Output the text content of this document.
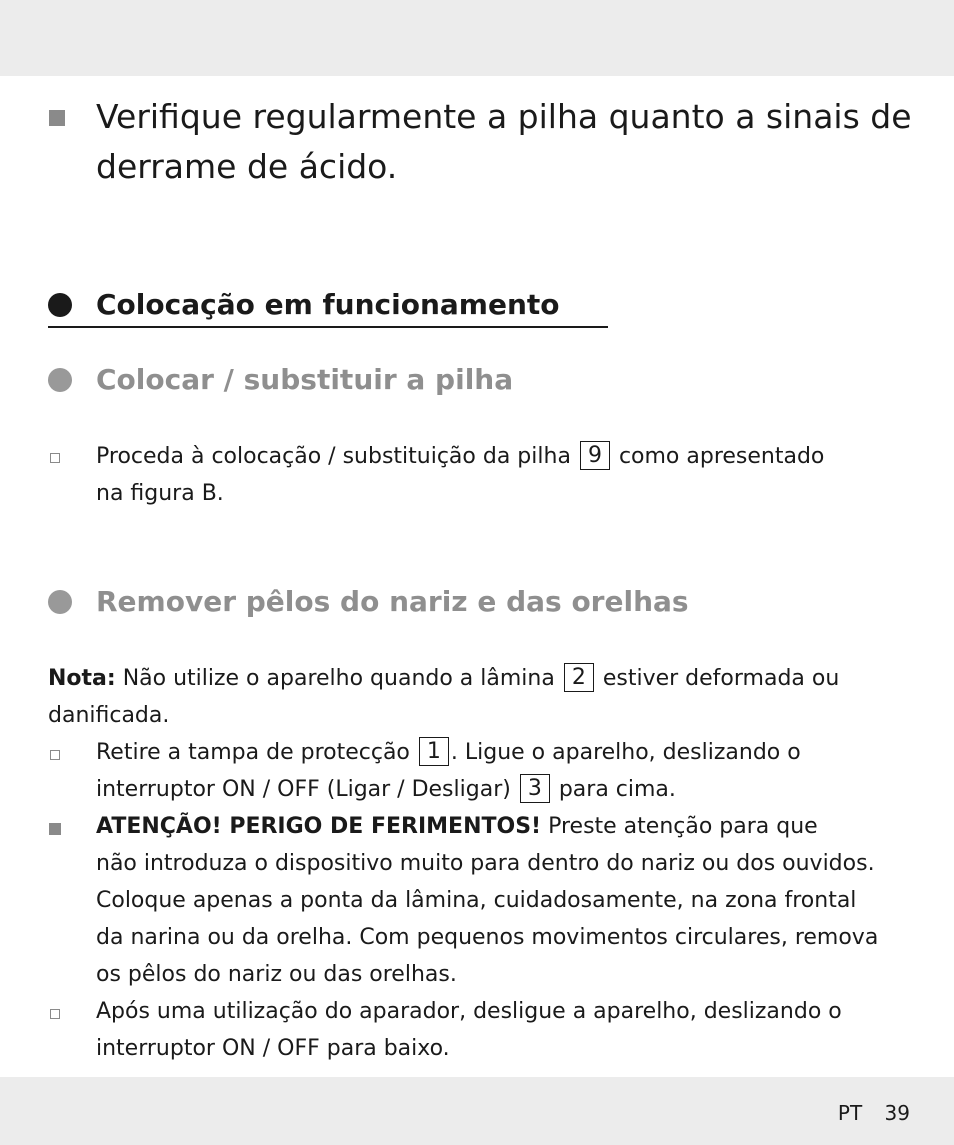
Verifique regularmente a pilha quanto a sinais de
derrame de ácido.
Colocação em funcionamento
Colocar / substituir a pilha
Proceda à colocação / substituição da pilha 9 como apresentado
na figura B.
Remover pêlos do nariz e das orelhas
Nota: Não utilize o aparelho quando a lâmina 2 estiver deformada ou
danificada.
Retire a tampa de protecção 1 . Ligue o aparelho, deslizando o
interruptor ON / OFF (Ligar / Desligar) 3 para cima.
ATENÇÃO! PERIGO DE FERIMENTOS! Preste atenção para que
não introduza o dispositivo muito para dentro do nariz ou dos ouvidos.
Coloque apenas a ponta da lâmina, cuidadosamente, na zona frontal
da narina ou da orelha. Com pequenos movimentos circulares, remova
os pêlos do nariz ou das orelhas.
Após uma utilização do aparador, desligue a aparelho, deslizando o
interruptor ON / OFF para baixo.
PT 39
